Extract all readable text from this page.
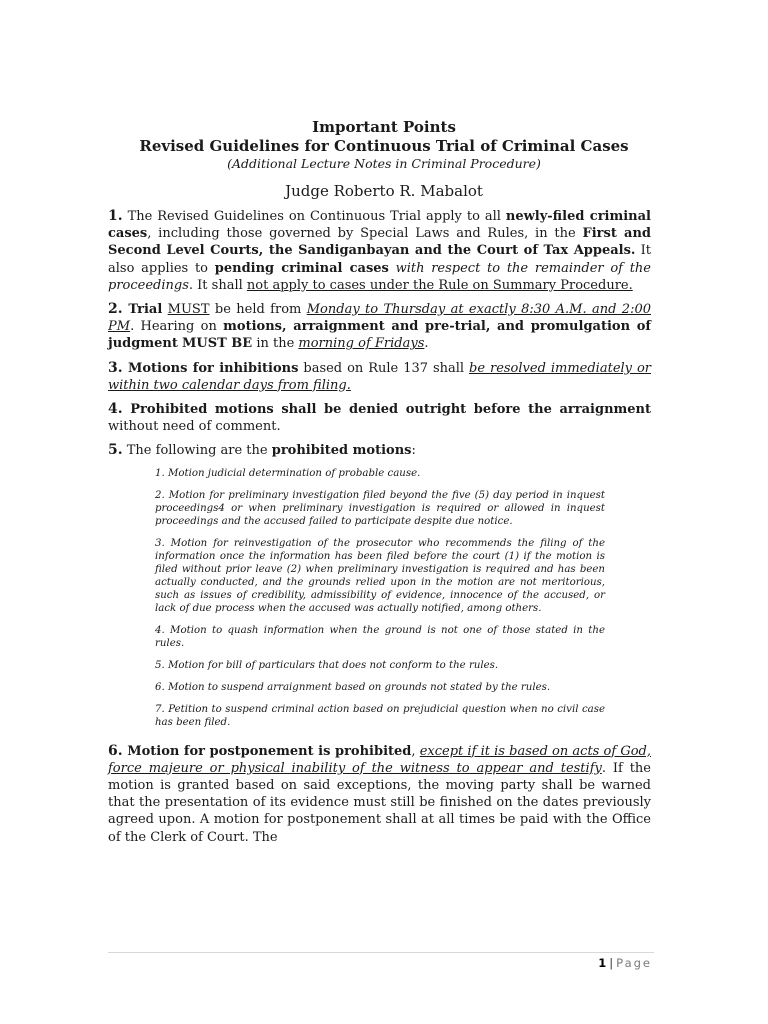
Important Points
Revised Guidelines for Continuous Trial of Criminal Cases
(Additional Lecture Notes in Criminal Procedure)
Judge Roberto R. Mabalot

1. The Revised Guidelines on Continuous Trial apply to all newly-filed criminal cases, including those governed by Special Laws and Rules, in the First and Second Level Courts, the Sandiganbayan and the Court of Tax Appeals. It also applies to pending criminal cases with respect to the remainder of the proceedings. It shall not apply to cases under the Rule on Summary Procedure.

2. Trial MUST be held from Monday to Thursday at exactly 8:30 A.M. and 2:00 PM. Hearing on motions, arraignment and pre-trial, and promulgation of judgment MUST BE in the morning of Fridays.

3. Motions for inhibitions based on Rule 137 shall be resolved immediately or within two calendar days from filing.

4. Prohibited motions shall be denied outright before the arraignment without need of comment.

5. The following are the prohibited motions:

1. Motion judicial determination of probable cause.

2. Motion for preliminary investigation filed beyond the five (5) day period in inquest proceedings4 or when preliminary investigation is required or allowed in inquest proceedings and the accused failed to participate despite due notice.

3. Motion for reinvestigation of the prosecutor who recommends the filing of the information once the information has been filed before the court (1) if the motion is filed without prior leave (2) when preliminary investigation is required and has been actually conducted, and the grounds relied upon in the motion are not meritorious, such as issues of credibility, admissibility of evidence, innocence of the accused, or lack of due process when the accused was actually notified, among others.

4. Motion to quash information when the ground is not one of those stated in the rules.

5. Motion for bill of particulars that does not conform to the rules.

6. Motion to suspend arraignment based on grounds not stated by the rules.

7. Petition to suspend criminal action based on prejudicial question when no civil case has been filed.

6. Motion for postponement is prohibited, except if it is based on acts of God, force majeure or physical inability of the witness to appear and testify. If the motion is granted based on said exceptions, the moving party shall be warned that the presentation of its evidence must still be finished on the dates previously agreed upon. A motion for postponement shall at all times be paid with the Office of the Clerk of Court. The

1 | Page
